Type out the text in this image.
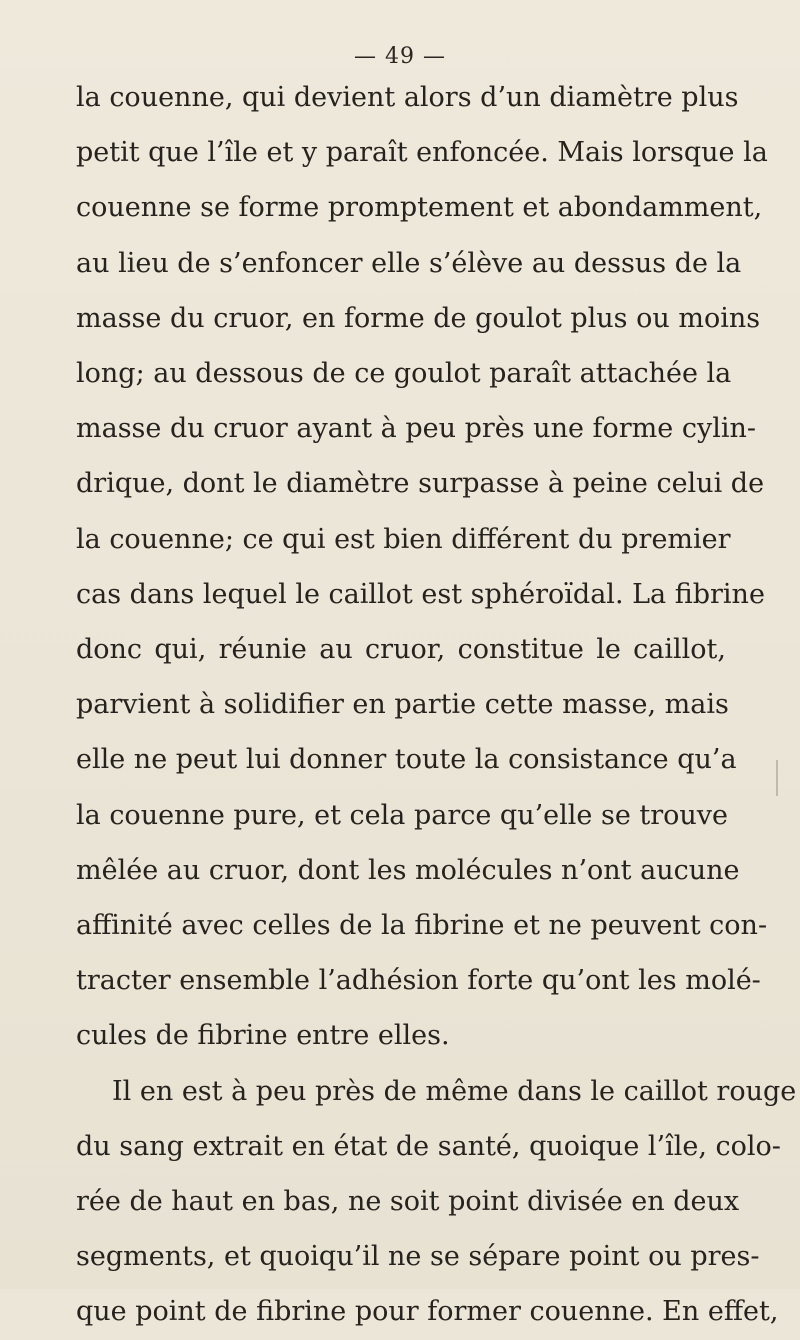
— 49 —
la couenne, qui devient alors d’un diamètre plus
petit que l’île et y paraît enfoncée. Mais lorsque la
couenne se forme promptement et abondamment,
au lieu de s’enfoncer elle s’élève au dessus de la
masse du cruor, en forme de goulot plus ou moins
long; au dessous de ce goulot paraît attachée la
masse du cruor ayant à peu près une forme cylin-
drique, dont le diamètre surpasse à peine celui de
la couenne; ce qui est bien différent du premier
cas dans lequel le caillot est sphéroïdal. La fibrine
donc qui, réunie au cruor, constitue le caillot,
parvient à solidifier en partie cette masse, mais
elle ne peut lui donner toute la consistance qu’a
la couenne pure, et cela parce qu’elle se trouve
mêlée au cruor, dont les molécules n’ont aucune
affinité avec celles de la fibrine et ne peuvent con-
tracter ensemble l’adhésion forte qu’ont les molé-
cules de fibrine entre elles.
Il en est à peu près de même dans le caillot rouge
du sang extrait en état de santé, quoique l’île, colo-
rée de haut en bas, ne soit point divisée en deux
segments, et quoiqu’il ne se sépare point ou pres-
que point de fibrine pour former couenne. En effet,
